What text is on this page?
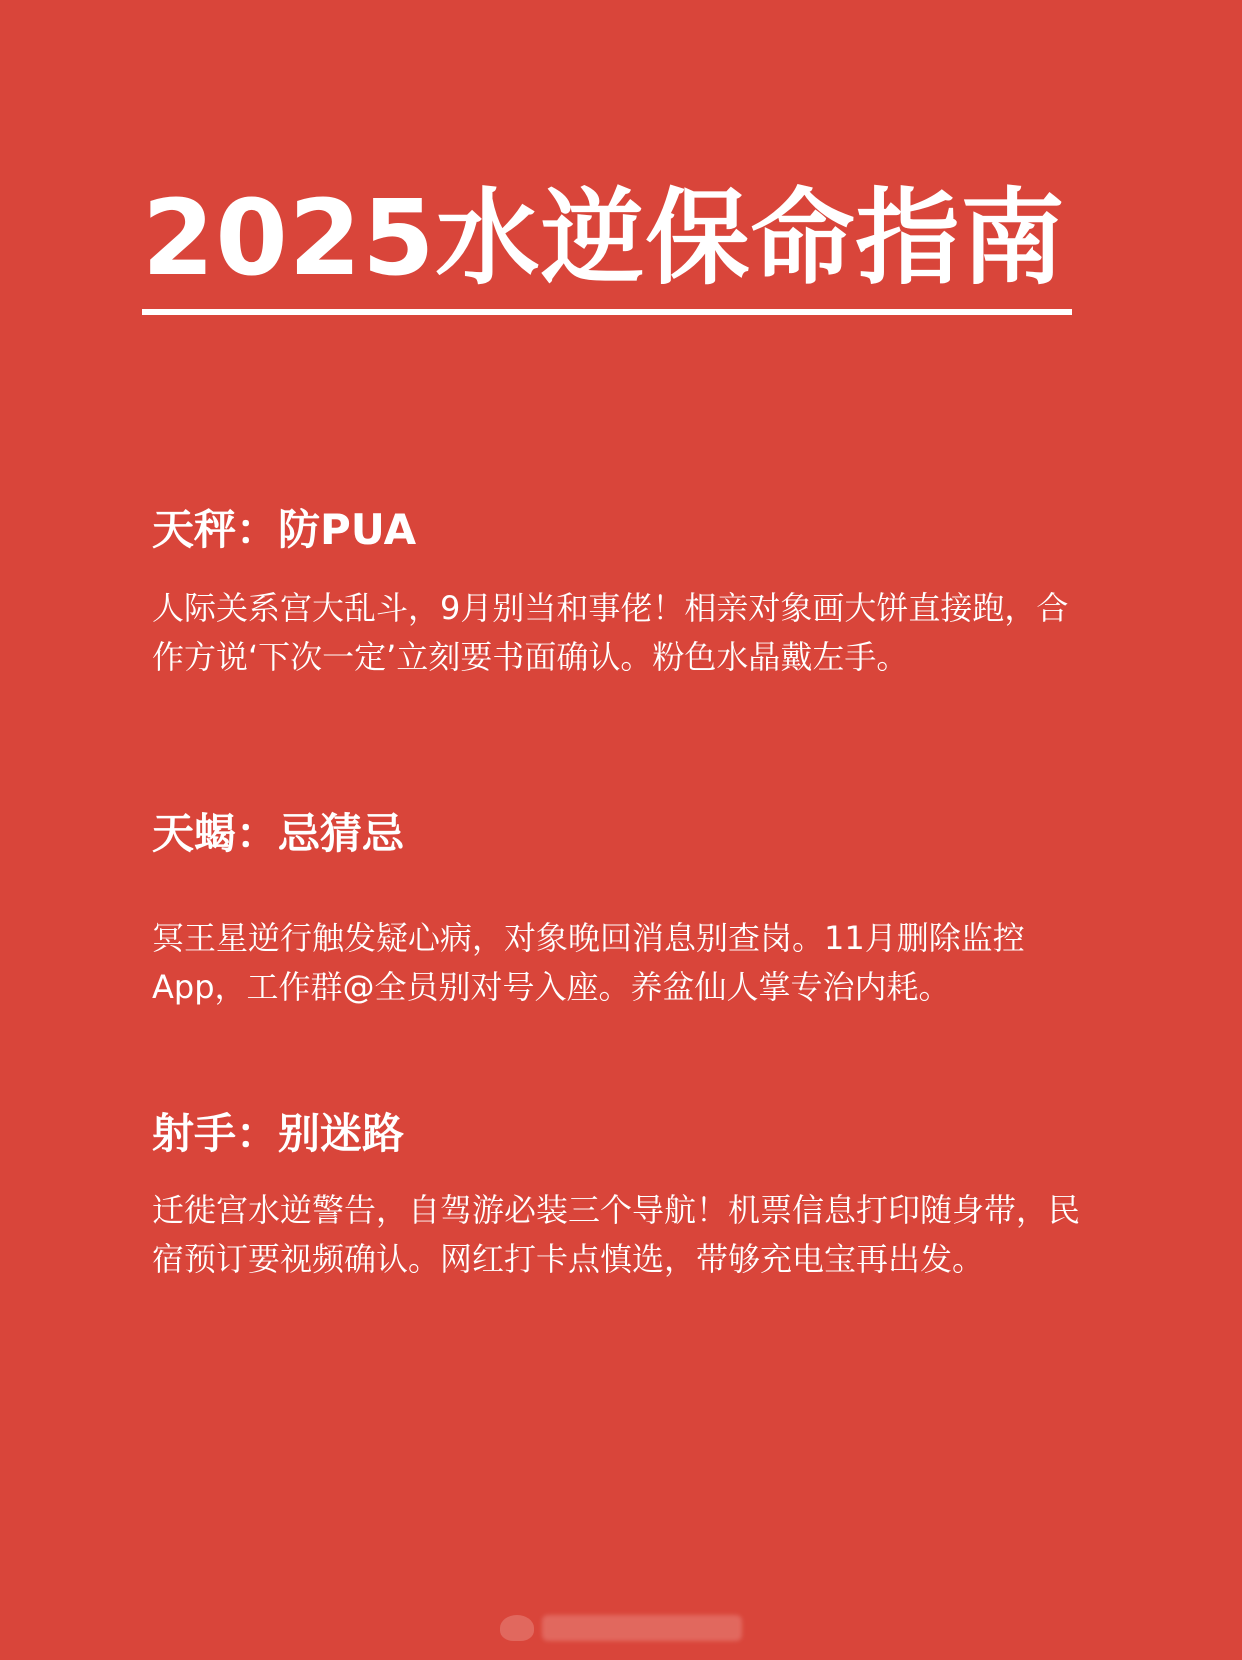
2025水逆保命指南
天秤：防PUA

人际关系宫大乱斗，9月别当和事佬！相亲对象画大饼直接跑，合作方说‘下次一定’立刻要书面确认。粉色水晶戴左手。

天蝎：忌猜忌

冥王星逆行触发疑心病，对象晚回消息别查岗。11月删除监控App，工作群@全员别对号入座。养盆仙人掌专治内耗。

射手：别迷路

迁徙宫水逆警告，自驾游必装三个导航！机票信息打印随身带，民宿预订要视频确认。网红打卡点慎选，带够充电宝再出发。
